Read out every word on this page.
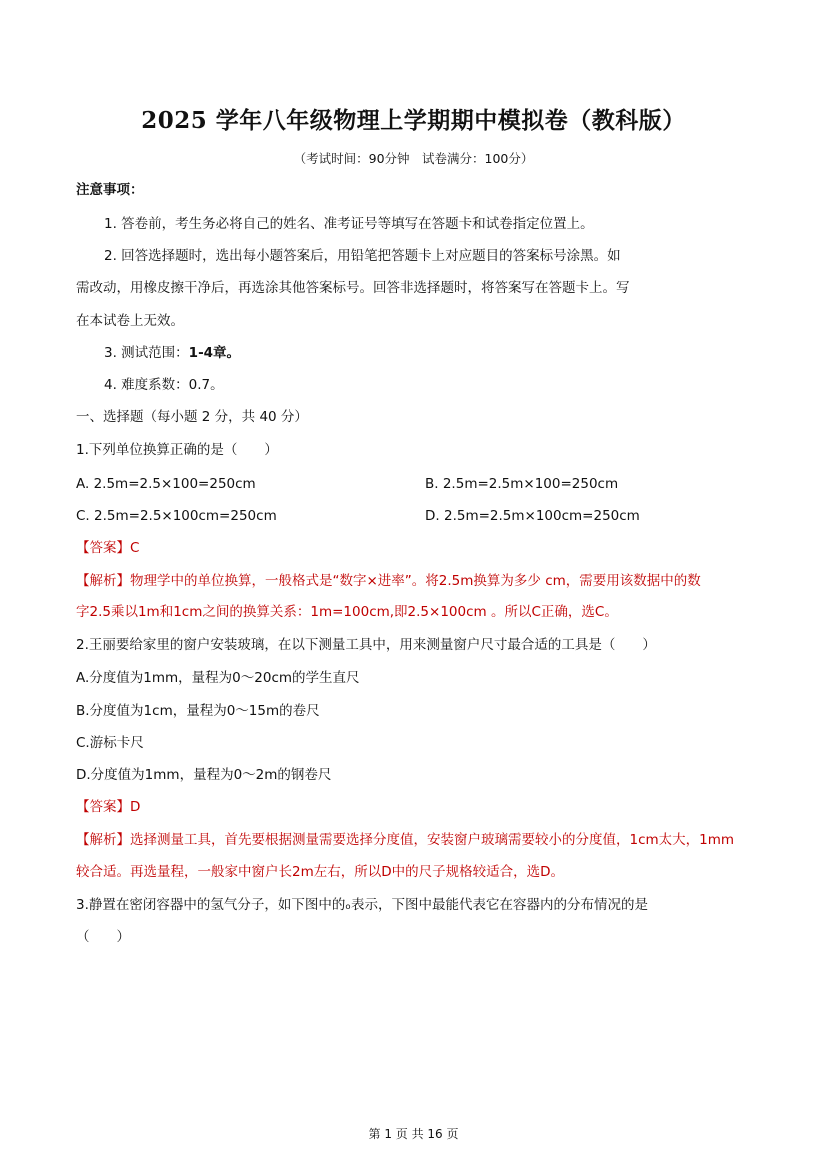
2025 学年八年级物理上学期期中模拟卷（教科版）
（考试时间：90分钟　试卷满分：100分）
注意事项：
1. 答卷前，考生务必将自己的姓名、准考证号等填写在答题卡和试卷指定位置上。
2. 回答选择题时，选出每小题答案后，用铅笔把答题卡上对应题目的答案标号涂黑。如
需改动，用橡皮擦干净后，再选涂其他答案标号。回答非选择题时，将答案写在答题卡上。写
在本试卷上无效。
3. 测试范围：1-4章。
4. 难度系数：0.7。
一、选择题（每小题 2 分，共 40 分）
1.下列单位换算正确的是（　　）
A. 2.5m=2.5×100=250cm	B. 2.5m=2.5m×100=250cm
C. 2.5m=2.5×100cm=250cm	D. 2.5m=2.5m×100cm=250cm
【答案】C
【解析】物理学中的单位换算，一般格式是“数字×进率”。将2.5m换算为多少 cm，需要用该数据中的数
字2.5乘以1m和1cm之间的换算关系：1m=100cm,即2.5×100cm 。所以C正确，选C。
2.王丽要给家里的窗户安装玻璃，在以下测量工具中，用来测量窗户尺寸最合适的工具是（　　）
A.分度值为1mm，量程为0～20cm的学生直尺
B.分度值为1cm，量程为0～15m的卷尺
C.游标卡尺
D.分度值为1mm，量程为0～2m的钢卷尺
【答案】D
【解析】选择测量工具，首先要根据测量需要选择分度值，安装窗户玻璃需要较小的分度值，1cm太大，1mm
较合适。再选量程，一般家中窗户长2m左右，所以D中的尺子规格较适合，选D。
3.静置在密闭容器中的氢气分子，如下图中的ₒ表示，下图中最能代表它在容器内的分布情况的是
（　　）
第 1 页 共 16 页
